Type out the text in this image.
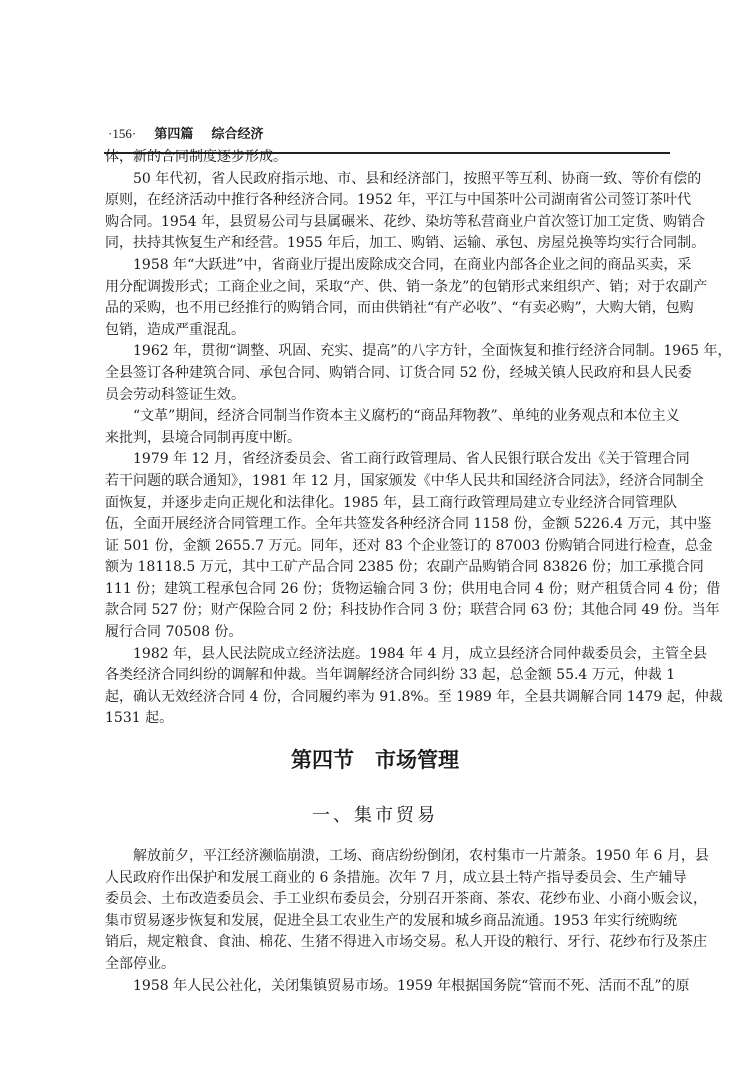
·156· 第四篇 综合经济
体，新的合同制度逐步形成。
50 年代初，省人民政府指示地、市、县和经济部门，按照平等互利、协商一致、等价有偿的
原则，在经济活动中推行各种经济合同。1952 年，平江与中国茶叶公司湖南省公司签订茶叶代
购合同。1954 年，县贸易公司与县属碾米、花纱、染坊等私营商业户首次签订加工定货、购销合
同，扶持其恢复生产和经营。1955 年后，加工、购销、运输、承包、房屋兑换等均实行合同制。
1958 年“大跃进”中，省商业厅提出废除成交合同，在商业内部各企业之间的商品买卖，采
用分配调拨形式；工商企业之间，采取“产、供、销一条龙”的包销形式来组织产、销；对于农副产
品的采购，也不用已经推行的购销合同，而由供销社“有产必收”、“有卖必购”，大购大销，包购
包销，造成严重混乱。
1962 年，贯彻“调整、巩固、充实、提高”的八字方针，全面恢复和推行经济合同制。1965 年，
全县签订各种建筑合同、承包合同、购销合同、订货合同 52 份，经城关镇人民政府和县人民委
员会劳动科签证生效。
“文革”期间，经济合同制当作资本主义腐朽的“商品拜物教”、单纯的业务观点和本位主义
来批判，县境合同制再度中断。
1979 年 12 月，省经济委员会、省工商行政管理局、省人民银行联合发出《关于管理合同
若干问题的联合通知》，1981 年 12 月，国家颁发《中华人民共和国经济合同法》，经济合同制全
面恢复，并逐步走向正规化和法律化。1985 年，县工商行政管理局建立专业经济合同管理队
伍，全面开展经济合同管理工作。全年共签发各种经济合同 1158 份，金额 5226.4 万元，其中鉴
证 501 份，金额 2655.7 万元。同年，还对 83 个企业签订的 87003 份购销合同进行检查，总金
额为 18118.5 万元，其中工矿产品合同 2385 份；农副产品购销合同 83826 份；加工承揽合同
111 份；建筑工程承包合同 26 份；货物运输合同 3 份；供用电合同 4 份；财产租赁合同 4 份；借
款合同 527 份；财产保险合同 2 份；科技协作合同 3 份；联营合同 63 份；其他合同 49 份。当年
履行合同 70508 份。
1982 年，县人民法院成立经济法庭。1984 年 4 月，成立县经济合同仲裁委员会，主管全县
各类经济合同纠纷的调解和仲裁。当年调解经济合同纠纷 33 起，总金额 55.4 万元，仲裁 1
起，确认无效经济合同 4 份，合同履约率为 91.8%。至 1989 年，全县共调解合同 1479 起，仲裁
1531 起。
第四节　市场管理
一、集市贸易
解放前夕，平江经济濒临崩溃，工场、商店纷纷倒闭，农村集市一片萧条。1950 年 6 月，县
人民政府作出保护和发展工商业的 6 条措施。次年 7 月，成立县土特产指导委员会、生产辅导
委员会、土布改造委员会、手工业织布委员会，分别召开茶商、茶农、花纱布业、小商小贩会议，
集市贸易逐步恢复和发展，促进全县工农业生产的发展和城乡商品流通。1953 年实行统购统
销后，规定粮食、食油、棉花、生猪不得进入市场交易。私人开设的粮行、牙行、花纱布行及茶庄
全部停业。
1958 年人民公社化，关闭集镇贸易市场。1959 年根据国务院“管而不死、活而不乱”的原
